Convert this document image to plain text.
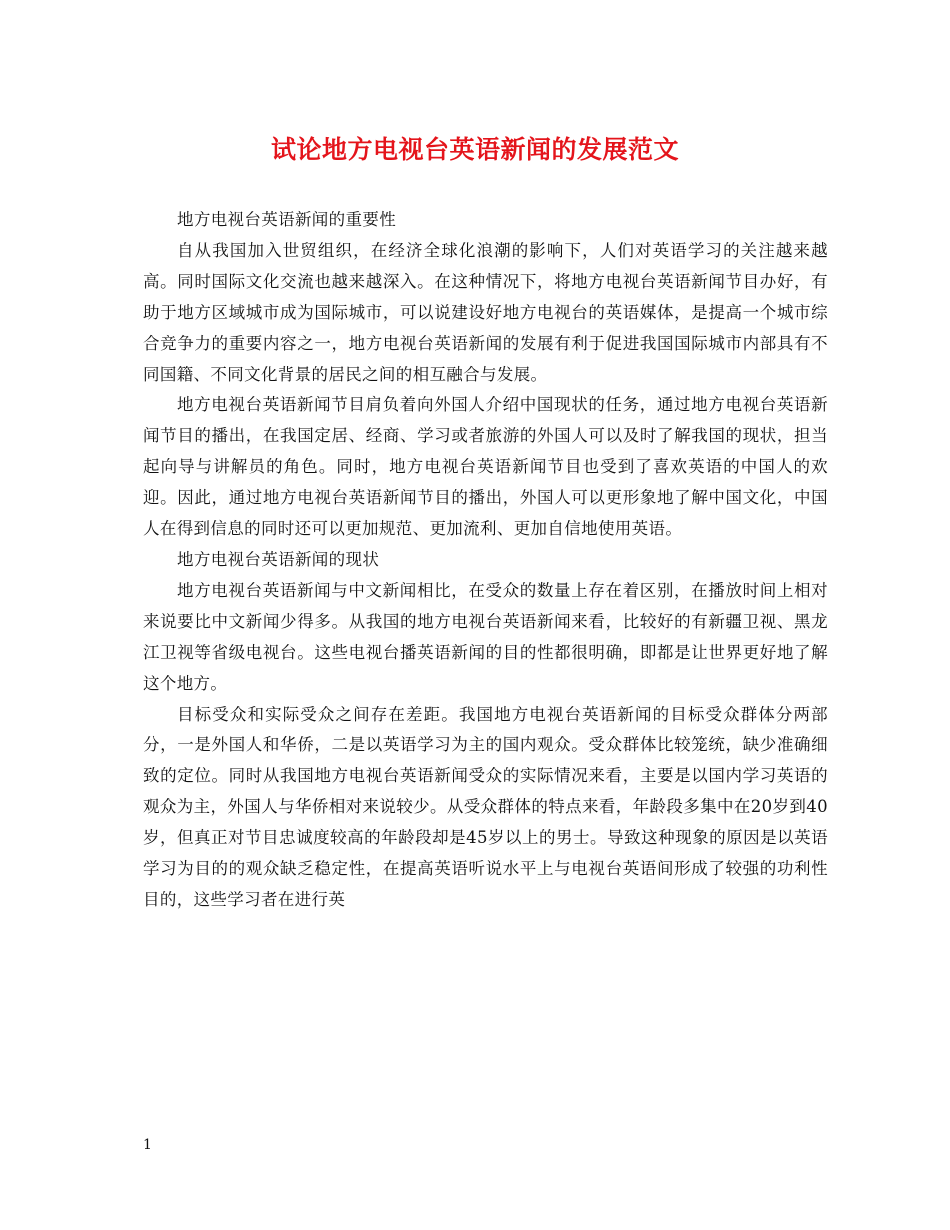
试论地方电视台英语新闻的发展范文

地方电视台英语新闻的重要性

自从我国加入世贸组织，在经济全球化浪潮的影响下，人们对英语学习的关注越来越高。同时国际文化交流也越来越深入。在这种情况下，将地方电视台英语新闻节目办好，有助于地方区域城市成为国际城市，可以说建设好地方电视台的英语媒体，是提高一个城市综合竞争力的重要内容之一，地方电视台英语新闻的发展有利于促进我国国际城市内部具有不同国籍、不同文化背景的居民之间的相互融合与发展。

地方电视台英语新闻节目肩负着向外国人介绍中国现状的任务，通过地方电视台英语新闻节目的播出，在我国定居、经商、学习或者旅游的外国人可以及时了解我国的现状，担当起向导与讲解员的角色。同时，地方电视台英语新闻节目也受到了喜欢英语的中国人的欢迎。因此，通过地方电视台英语新闻节目的播出，外国人可以更形象地了解中国文化，中国人在得到信息的同时还可以更加规范、更加流利、更加自信地使用英语。

地方电视台英语新闻的现状

地方电视台英语新闻与中文新闻相比，在受众的数量上存在着区别，在播放时间上相对来说要比中文新闻少得多。从我国的地方电视台英语新闻来看，比较好的有新疆卫视、黑龙江卫视等省级电视台。这些电视台播英语新闻的目的性都很明确，即都是让世界更好地了解这个地方。

目标受众和实际受众之间存在差距。我国地方电视台英语新闻的目标受众群体分两部分，一是外国人和华侨，二是以英语学习为主的国内观众。受众群体比较笼统，缺少准确细致的定位。同时从我国地方电视台英语新闻受众的实际情况来看，主要是以国内学习英语的观众为主，外国人与华侨相对来说较少。从受众群体的特点来看，年龄段多集中在20岁到40岁，但真正对节目忠诚度较高的年龄段却是45岁以上的男士。导致这种现象的原因是以英语学习为目的的观众缺乏稳定性，在提高英语听说水平上与电视台英语间形成了较强的功利性目的，这些学习者在进行英

1
